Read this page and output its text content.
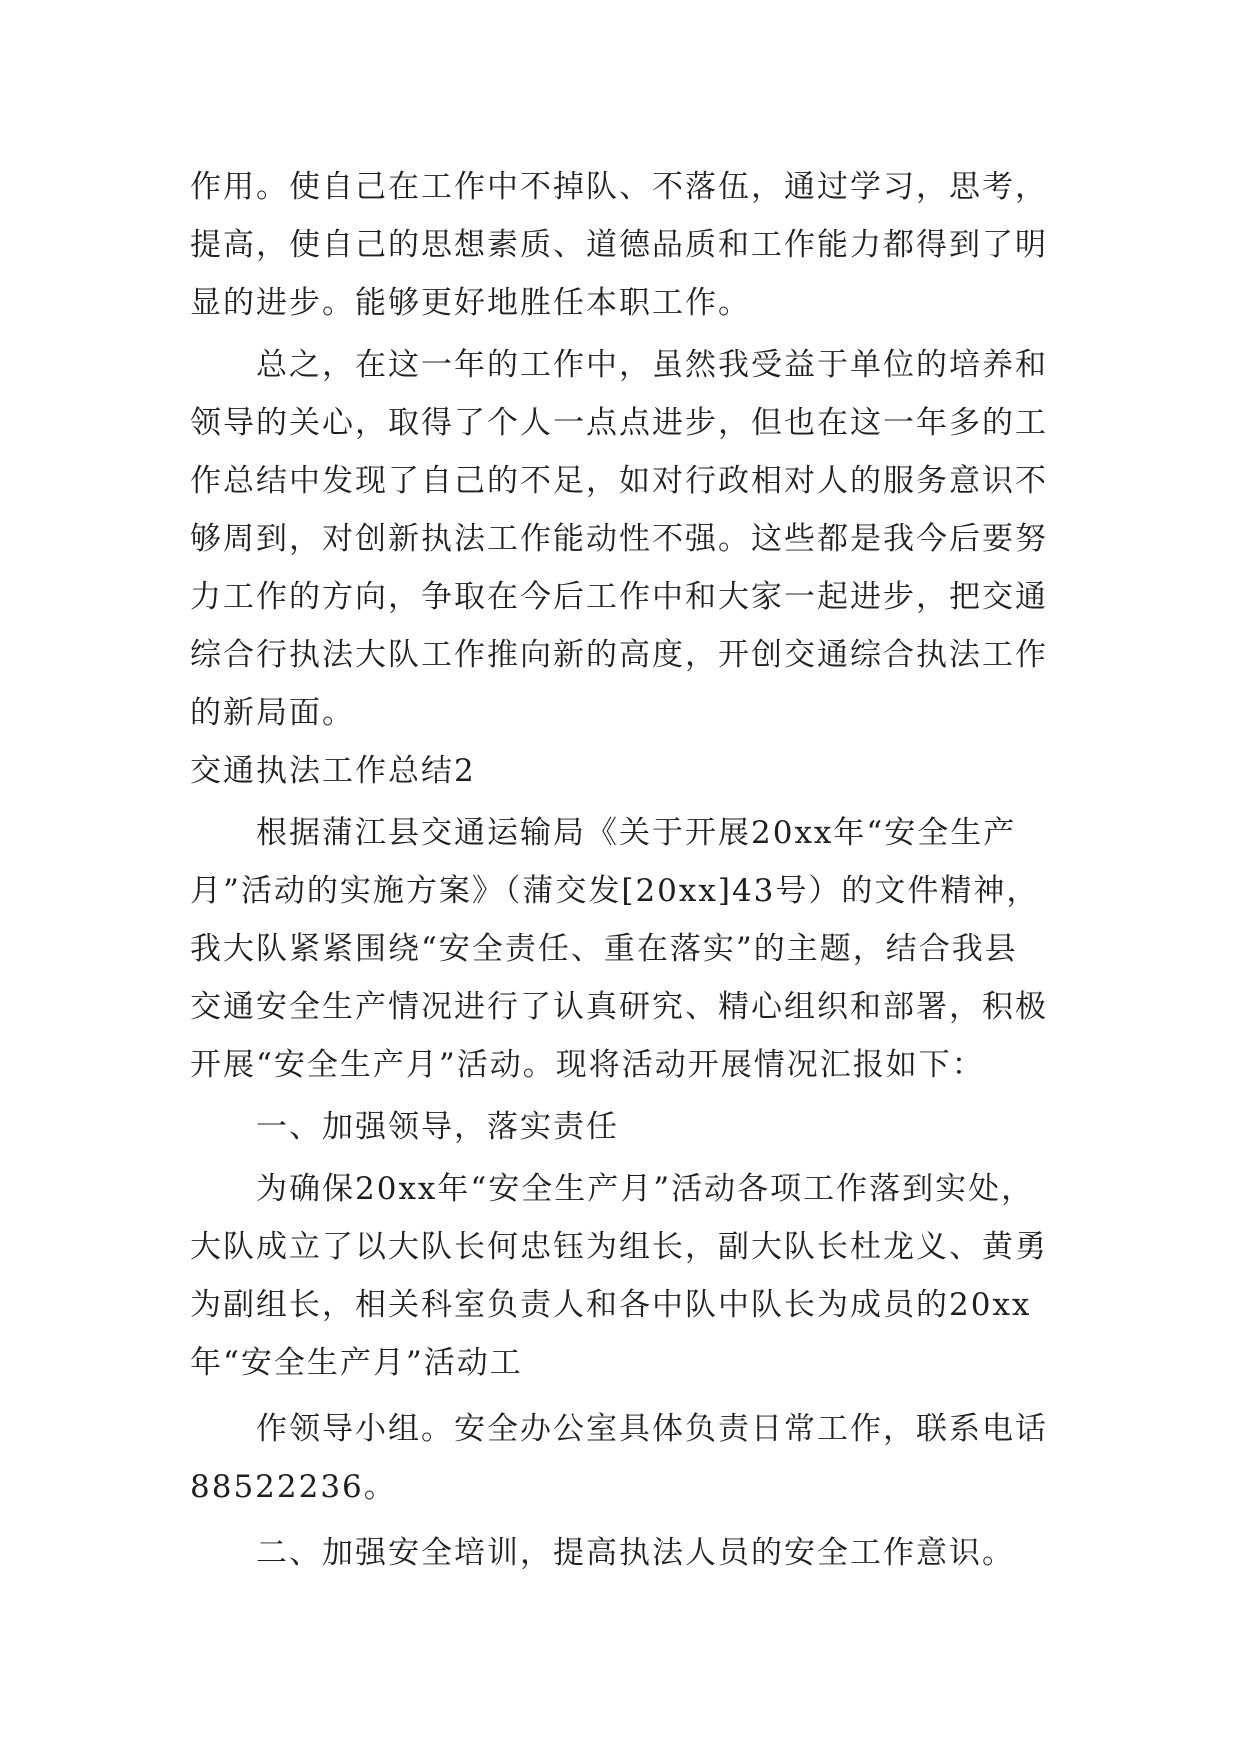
作用。使自己在工作中不掉队、不落伍，通过学习，思考，
提高，使自己的思想素质、道德品质和工作能力都得到了明
显的进步。能够更好地胜任本职工作。
总之，在这一年的工作中，虽然我受益于单位的培养和
领导的关心，取得了个人一点点进步，但也在这一年多的工
作总结中发现了自己的不足，如对行政相对人的服务意识不
够周到，对创新执法工作能动性不强。这些都是我今后要努
力工作的方向，争取在今后工作中和大家一起进步，把交通
综合行执法大队工作推向新的高度，开创交通综合执法工作
的新局面。
交通执法工作总结2
根据蒲江县交通运输局《关于开展20xx年“安全生产
月”活动的实施方案》（蒲交发[20xx]43号）的文件精神，
我大队紧紧围绕“安全责任、重在落实”的主题，结合我县
交通安全生产情况进行了认真研究、精心组织和部署，积极
开展“安全生产月”活动。现将活动开展情况汇报如下：
一、加强领导，落实责任
为确保20xx年“安全生产月”活动各项工作落到实处，
大队成立了以大队长何忠钰为组长，副大队长杜龙义、黄勇
为副组长，相关科室负责人和各中队中队长为成员的20xx
年“安全生产月”活动工
作领导小组。安全办公室具体负责日常工作，联系电话
88522236。
二、加强安全培训，提高执法人员的安全工作意识。
